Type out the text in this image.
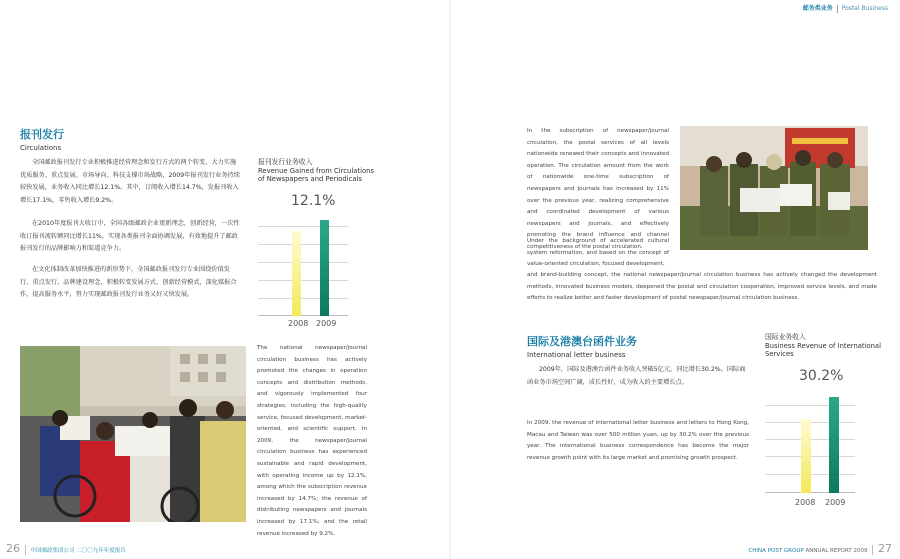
邮务类业务 Postal Business
报刊发行
Circulations
全国邮政报刊发行专业积极推进经营理念和发行方式的两个转变，大力实施优质服务、重点发展、市场导向、科技支撑市场战略，2009年报刊发行业务持续较快发展，业务收入同比增长12.1%。其中，订阅收入增长14.7%，发报刊收入增长17.1%，零售收入增长9.2%。
在2010年度报刊大收订中，全国各级邮政企业更新理念，创新经营，一次性收订报刊流转额同比增长11%，实现各类报刊全面协调发展，有效地提升了邮政报刊发行的品牌影响力和渠道竞争力。
在文化体制改革加快推进的新形势下，全国邮政报刊发行专业围绕价值发行、重点发行、品牌建设理念，积极转变发展方式，创新经营模式，深化媒报合作，提高服务水平，努力实现邮政报刊发行业务又好又快发展。
报刊发行业务收入
Revenue Gained from Circulations of Newspapers and Periodicals
12.1%
2008 2009
The national newspaper/journal circulation business has actively promoted the changes in operation concepts and distribution methods, and vigorously implemented four strategies, including the high-quality service, focused development, market-oriented, and scientific support. In 2009, the newspaper/journal circulation business has experienced sustainable and rapid development, with operating income up by 12.1%, among which the subscription revenue increased by 14.7%; the revenue of distributing newspapers and journals increased by 17.1%; and the retail revenue increased by 9.2%.
26 中国邮政集团公司 二〇〇九年年度报告
In the subscription of newspaper/journal circulation, the postal services of all levels nationwide renewed their concepts and innovated operation. The circulation amount from the work of nationwide one-time subscription of newspapers and journals has increased by 11% over the previous year, realizing comprehensive and coordinated development of various newspapers and journals, and effectively promoting the brand influence and channel competitiveness of the postal circulation.
Under the background of accelerated cultural system reformation, and based on the concept of value-oriented circulation, focused development,
and brand-building concept, the national newspaper/journal circulation business has actively changed the development methods, innovated business models, deepened the postal and circulation cooperation, improved service levels, and made efforts to realize better and faster development of postal newspaper/journal circulation business.
国际及港澳台函件业务
International letter business
2009年，国际及港澳台函件业务收入突破5亿元，同比增长30.2%。国际商函业务市场空间广阔，成长性好，成为收入的主要增长点。
In 2009, the revenue of international letter business and letters to Hong Kong, Macau and Taiwan was over 500 million yuan, up by 30.2% over the previous year. The international business correspondence has become the major revenue growth point with its large market and promising growth prospect.
国际业务收入
Business Revenue of International Services
30.2%
2008 2009
CHINA POST GROUP ANNUAL REPORT 2009 27
